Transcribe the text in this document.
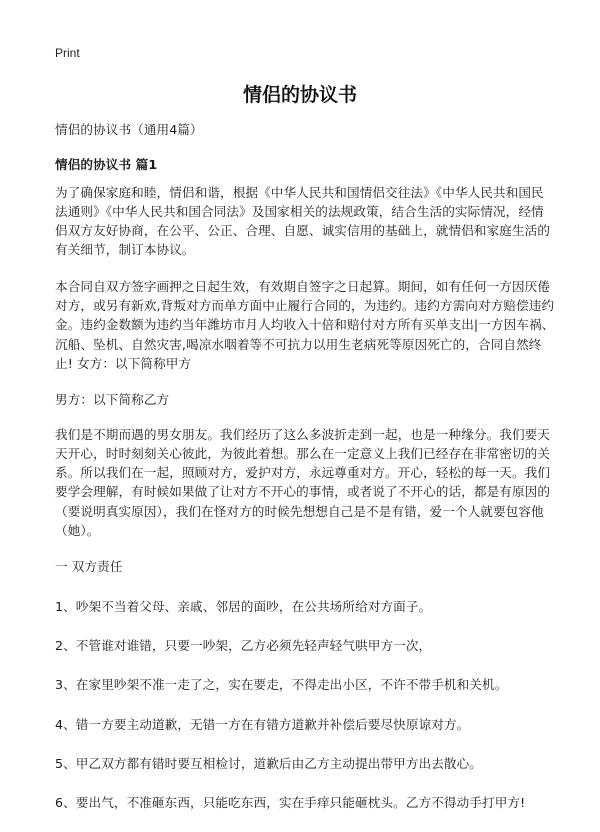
Print
情侣的协议书

情侣的协议书（通用4篇）

情侣的协议书 篇1

为了确保家庭和睦，情侣和谐，根据《中华人民共和国情侣交往法》《中华人民共和国民法通则》《中华人民共和国合同法》及国家相关的法规政策，结合生活的实际情况，经情侣双方友好协商，在公平、公正、合理、自愿、诚实信用的基础上，就情侣和家庭生活的有关细节，制订本协议。

本合同自双方签字画押之日起生效，有效期自签字之日起算。期间，如有任何一方因厌倦对方，或另有新欢,背叛对方而单方面中止履行合同的，为违约。违约方需向对方赔偿违约金。违约金数额为违约当年潍坊市月人均收入十倍和赔付对方所有买单支出|一方因车祸、沉船、坠机、自然灾害,喝凉水咽着等不可抗力以用生老病死等原因死亡的，合同自然终止! 女方：以下简称甲方

男方：以下简称乙方

我们是不期而遇的男女朋友。我们经历了这么多波折走到一起，也是一种缘分。我们要天天开心，时时刻刻关心彼此，为彼此着想。那么在一定意义上我们已经存在非常密切的关系。所以我们在一起，照顾对方，爱护对方，永远尊重对方。开心，轻松的每一天。我们要学会理解，有时候如果做了让对方不开心的事情，或者说了不开心的话，都是有原因的（要说明真实原因），我们在怪对方的时候先想想自己是不是有错，爱一个人就要包容他（她）。

一 双方责任

1、吵架不当着父母、亲戚、邻居的面吵，在公共场所给对方面子。

2、不管谁对谁错，只要一吵架，乙方必须先轻声轻气哄甲方一次，

3、在家里吵架不准一走了之，实在要走，不得走出小区，不许不带手机和关机。

4、错一方要主动道歉，无错一方在有错方道歉并补偿后要尽快原谅对方。

5、甲乙双方都有错时要互相检讨，道歉后由乙方主动提出带甲方出去散心。

6、要出气，不准砸东西，只能吃东西，实在手痒只能砸枕头。乙方不得动手打甲方!
